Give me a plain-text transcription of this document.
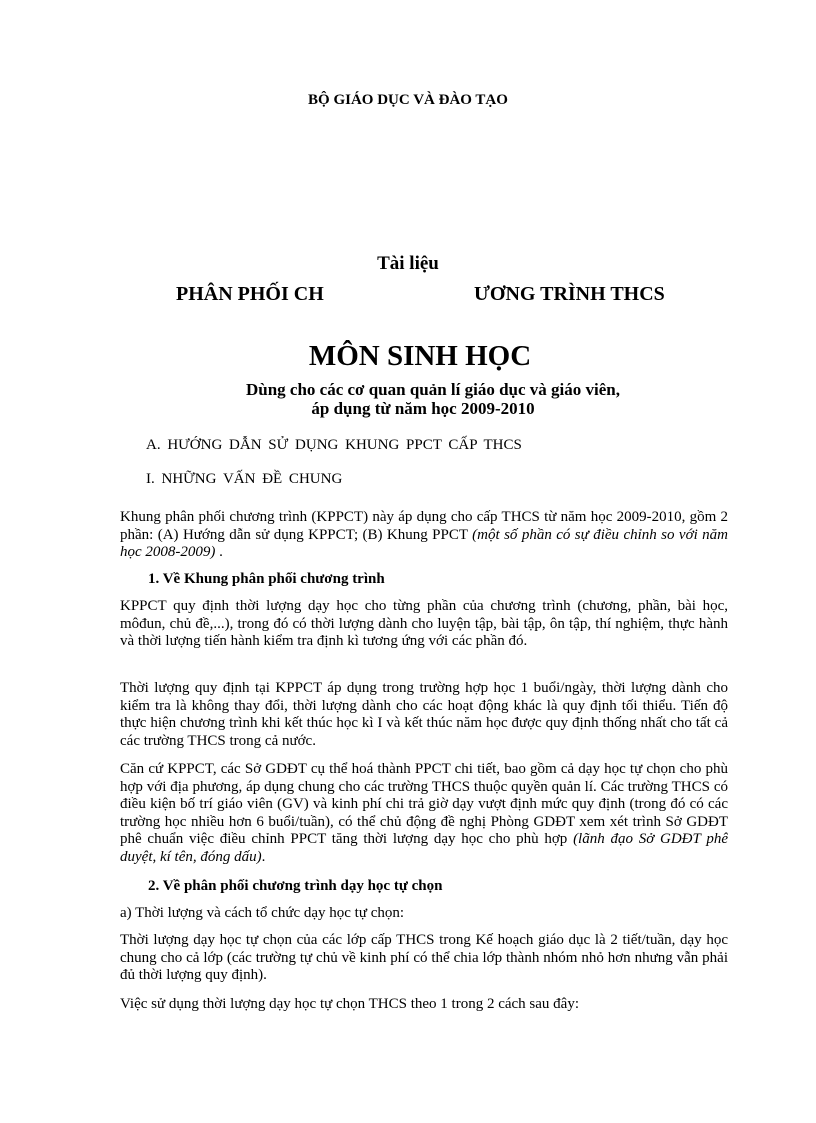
BỘ GIÁO DỤC VÀ ĐÀO TẠO
Tài liệu
PHÂN PHỐI CH	ƯƠNG TRÌNH THCS
MÔN SINH HỌC
Dùng cho các cơ quan quản lí giáo dục và giáo viên,
áp dụng từ năm học 2009-2010
A. HƯỚNG DẪN SỬ DỤNG KHUNG PPCT CẤP THCS
I. NHỮNG VẤN ĐỀ CHUNG

Khung phân phối chương trình (KPPCT) này áp dụng cho cấp THCS từ năm học 2009-2010, gồm 2 phần: (A) Hướng dẫn sử dụng KPPCT; (B) Khung PPCT (một số phần có sự điều chỉnh so với năm học 2008-2009) .

1. Về Khung phân phối chương trình

KPPCT quy định thời lượng dạy học cho từng phần của chương trình (chương, phần, bài học, môđun, chủ đề,...), trong đó có thời lượng dành cho luyện tập, bài tập, ôn tập, thí nghiệm, thực hành và thời lượng tiến hành kiểm tra định kì tương ứng với các phần đó.

Thời lượng quy định tại KPPCT áp dụng trong trường hợp học 1 buổi/ngày, thời lượng dành cho kiểm tra là không thay đổi, thời lượng dành cho các hoạt động khác là quy định tối thiểu. Tiến độ thực hiện chương trình khi kết thúc học kì I và kết thúc năm học được quy định thống nhất cho tất cả các trường THCS trong cả nước.

Căn cứ KPPCT, các Sở GDĐT cụ thể hoá thành PPCT chi tiết, bao gồm cả dạy học tự chọn cho phù hợp với địa phương, áp dụng chung cho các trường THCS thuộc quyền quản lí. Các trường THCS có điều kiện bố trí giáo viên (GV) và kinh phí chi trả giờ dạy vượt định mức quy định (trong đó có các trường học nhiều hơn 6 buổi/tuần), có thể chủ động đề nghị Phòng GDĐT xem xét trình Sở GDĐT phê chuẩn việc điều chỉnh PPCT tăng thời lượng dạy học cho phù hợp (lãnh đạo Sở GDĐT phê duyệt, kí tên, đóng dấu).

2. Về phân phối chương trình dạy học tự chọn

a) Thời lượng và cách tổ chức dạy học tự chọn:

Thời lượng dạy học tự chọn của các lớp cấp THCS trong Kế hoạch giáo dục là 2 tiết/tuần, dạy học chung cho cả lớp (các trường tự chủ về kinh phí có thể chia lớp thành nhóm nhỏ hơn nhưng vẫn phải đủ thời lượng quy định).

Việc sử dụng thời lượng dạy học tự chọn THCS theo 1 trong 2 cách sau đây:
